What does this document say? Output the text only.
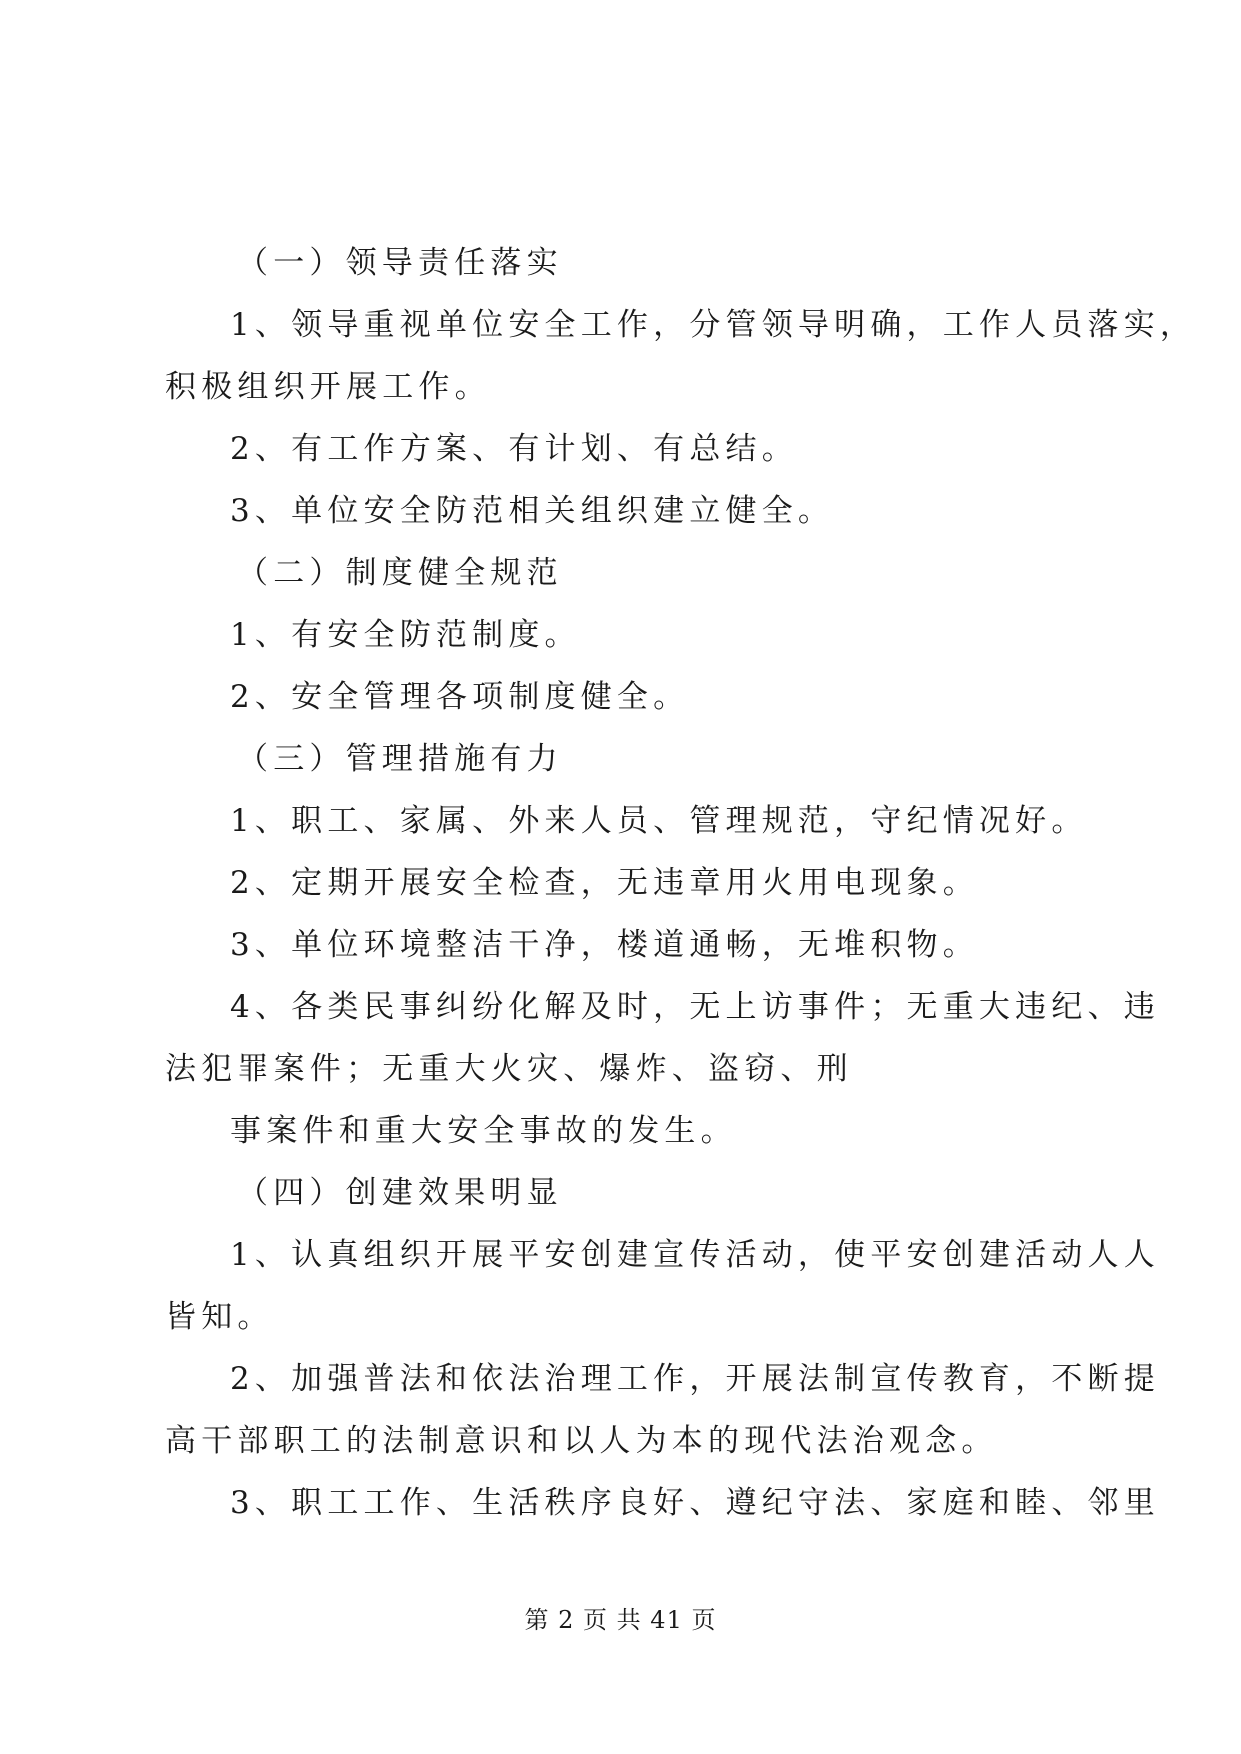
（一）领导责任落实
1、领导重视单位安全工作，分管领导明确，工作人员落实，
积极组织开展工作。
2、有工作方案、有计划、有总结。
3、单位安全防范相关组织建立健全。
（二）制度健全规范
1、有安全防范制度。
2、安全管理各项制度健全。
（三）管理措施有力
1、职工、家属、外来人员、管理规范，守纪情况好。
2、定期开展安全检查，无违章用火用电现象。
3、单位环境整洁干净，楼道通畅，无堆积物。
4、各类民事纠纷化解及时，无上访事件；无重大违纪、违
法犯罪案件；无重大火灾、爆炸、盗窃、刑
事案件和重大安全事故的发生。
（四）创建效果明显
1、认真组织开展平安创建宣传活动，使平安创建活动人人
皆知。
2、加强普法和依法治理工作，开展法制宣传教育，不断提
高干部职工的法制意识和以人为本的现代法治观念。
3、职工工作、生活秩序良好、遵纪守法、家庭和睦、邻里
第 2 页 共 41 页
